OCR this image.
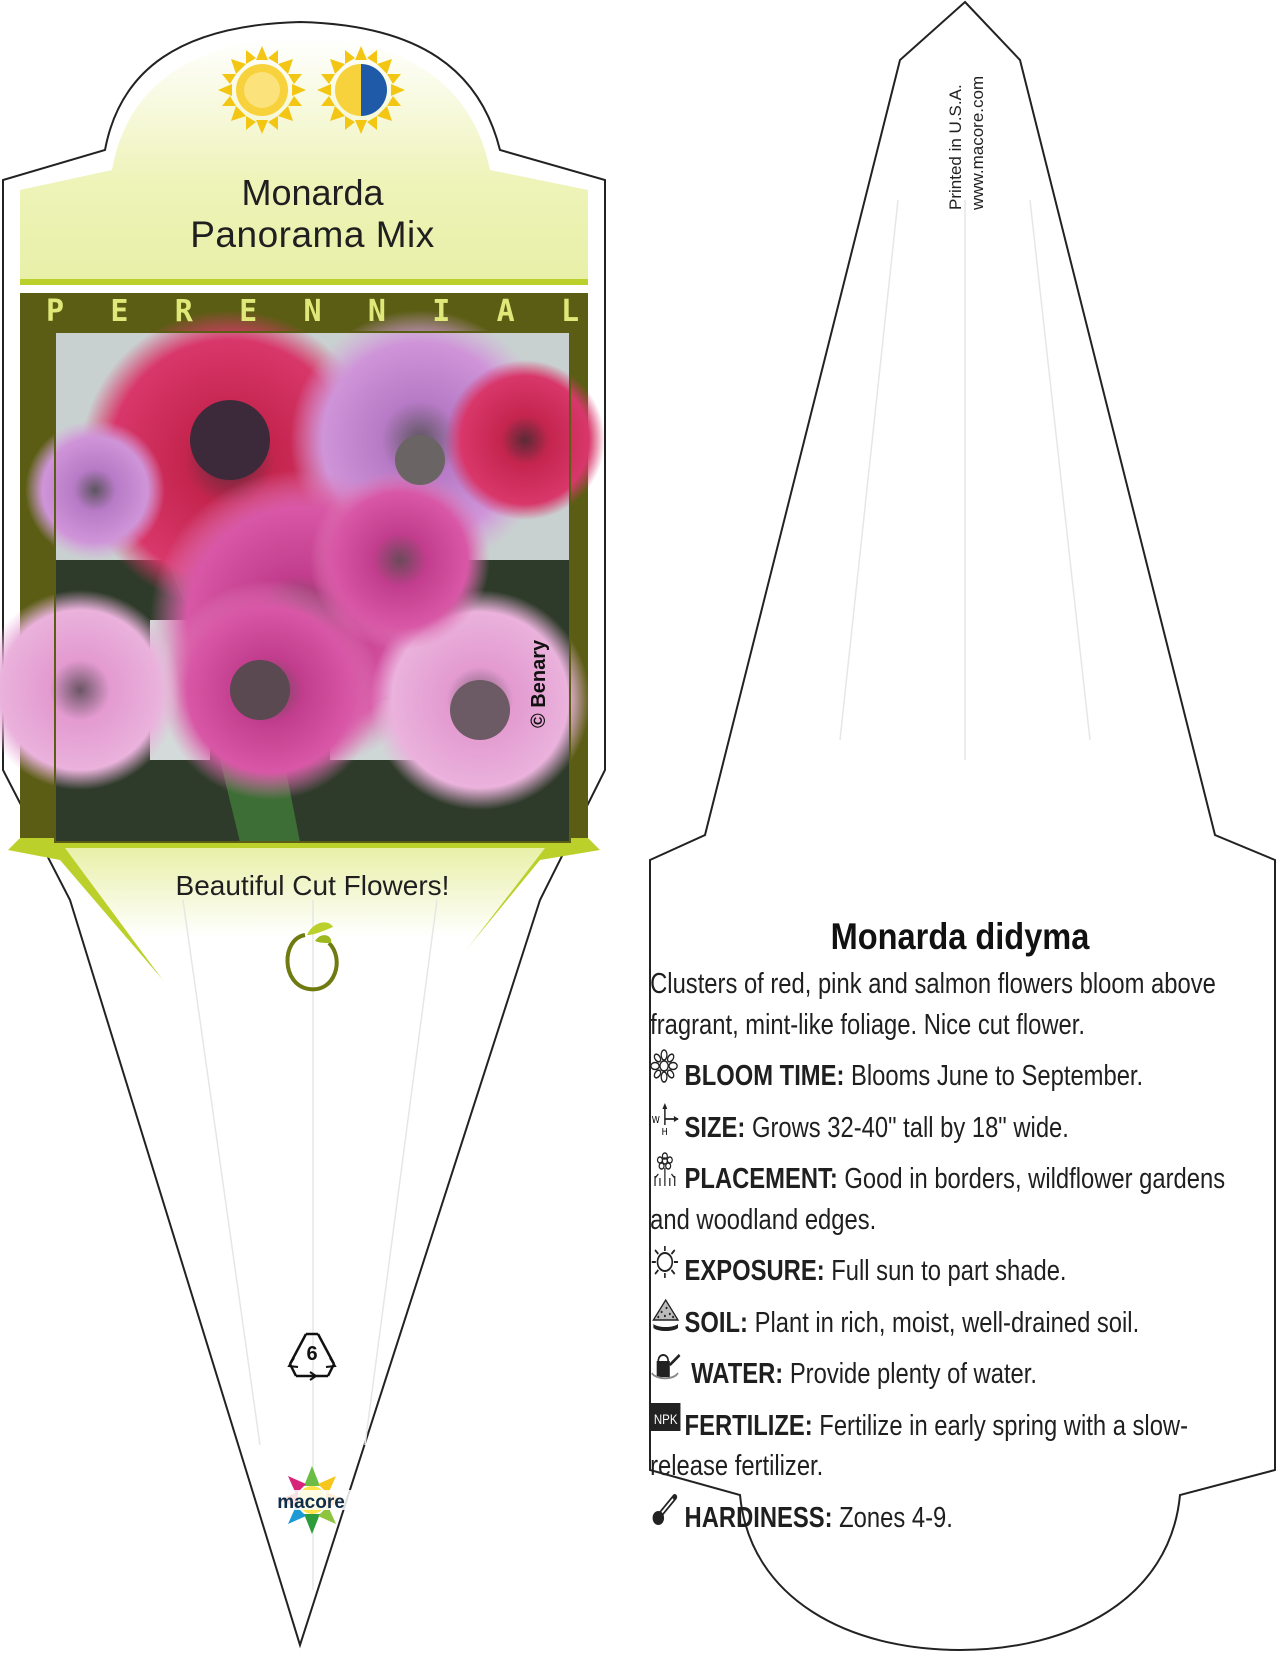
Monarda
Panorama Mix
P E R E N N I A L
© Benary
Beautiful Cut Flowers!
6
macore
Printed in U.S.A. www.macore.com
Monarda didyma

Clusters of red, pink and salmon flowers bloom above fragrant, mint-like foliage. Nice cut flower.

BLOOM TIME: Blooms June to September.

W
H SIZE: Grows 32-40" tall by 18" wide.

PLACEMENT: Good in borders, wildflower gardens and woodland edges.

EXPOSURE: Full sun to part shade.

SOIL: Plant in rich, moist, well-drained soil.

WATER: Provide plenty of water.

NPK FERTILIZE: Fertilize in early spring with a slow-release fertilizer.

HARDINESS: Zones 4-9.
